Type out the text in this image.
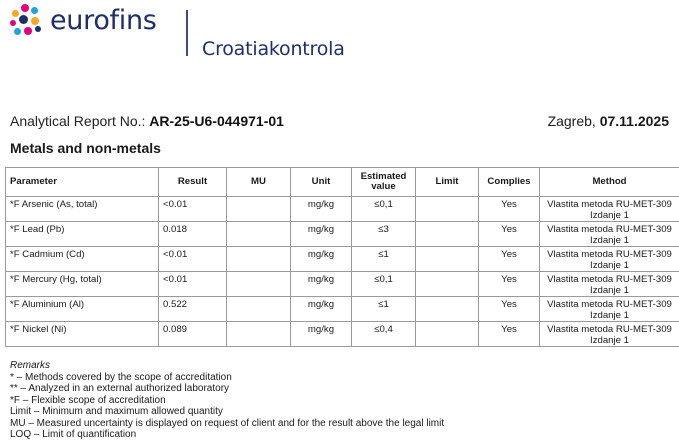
eurofins
Croatiakontrola
Analytical Report No.: AR-25-U6-044971-01	Zagreb, 07.11.2025
Metals and non-metals
Parameter	Result	MU	Unit	Estimated value	Limit	Complies	Method
*F Arsenic (As, total)	<0.01		mg/kg	≤0,1		Yes	Vlastita metoda RU-MET-309
Izdanje 1
*F Lead (Pb)	0.018		mg/kg	≤3		Yes	Vlastita metoda RU-MET-309
Izdanje 1
*F Cadmium (Cd)	<0.01		mg/kg	≤1		Yes	Vlastita metoda RU-MET-309
Izdanje 1
*F Mercury (Hg, total)	<0.01		mg/kg	≤0,1		Yes	Vlastita metoda RU-MET-309
Izdanje 1
*F Aluminium (Al)	0.522		mg/kg	≤1		Yes	Vlastita metoda RU-MET-309
Izdanje 1
*F Nickel (Ni)	0.089		mg/kg	≤0,4		Yes	Vlastita metoda RU-MET-309
Izdanje 1
Remarks
* – Methods covered by the scope of accreditation
** – Analyzed in an external authorized laboratory
*F – Flexible scope of accreditation
Limit – Minimum and maximum allowed quantity
MU – Measured uncertainty is displayed on request of client and for the result above the legal limit
LOQ – Limit of quantification
